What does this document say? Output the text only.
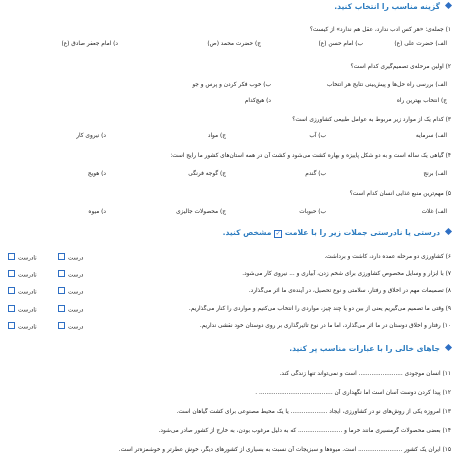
گزینه مناسب را انتخاب کنید.
۱) جمله‌ی: «هر کس ادب ندارد، عقل هم ندارد» از کیست؟
الف) حضرت علی (ع)
ب) امام حسن (ع)
ج) حضرت محمد (ص)
د) امام جعفر صادق (ع)
۲) اولین مرحله‌ی تصمیم‌گیری کدام است؟
الف) بررسی راه حل‌ها و پیش‌بینی نتایج هر انتخاب
ب) خوب فکر کردن و پرس و جو
ج) انتخاب بهترین راه
د) هیچ‌کدام
۳) کدام یک از موارد زیر مربوط به عوامل طبیعی کشاورزی است؟
الف) سرمایه
ب) آب
ج) مواد
د) نیروی کار
۴) گیاهی یک ساله است و به دو شکل پاییزه و بهاره کشت می‌شود و کشت آن در همه استان‌های کشور ما رایج است:
الف) برنج
ب) گندم
ج) گوجه فرنگی
د) هویج
۵) مهم‌ترین منبع غذایی انسان کدام است؟
الف) غلات
ب) حبوبات
ج) محصولات جالیزی
د) میوه
درستی یا نادرستی جملات زیر را با علامت ✓ مشخص کنید.
۶) کشاورزی دو مرحله عمده دارد، کاشت و برداشت.
نادرست	درست
۷) با ابزار و وسایل مخصوص کشاورزی برای شخم زدن، آبیاری و ... نیروی کار می‌شود.
نادرست	درست
۸) تصمیمات مهم در اخلاق و رفتار، سلامتی و نوع تحصیل، در آینده‌ی ما اثر می‌گذارد.
نادرست	درست
۹) وقتی ما تصمیم می‌گیریم یعنی از بین دو یا چند چیز، مواردی را انتخاب می‌کنیم و مواردی را کنار می‌گذاریم.
نادرست	درست
۱۰) رفتار و اخلاق دوستان در ما اثر می‌گذارد، اما ما در نوع تأثیرگذاری بر روی دوستان خود نقشی نداریم.
نادرست	درست
جاهای خالی را با عبارات مناسب پر کنید.
۱۱) انسان موجودی ........................ است و نمی‌تواند تنها زندگی کند.
۱۲) پیدا کردن دوست آسان است اما نگهداری آن ........................................ .
۱۳) امروزه یکی از روش‌های نو در کشاورزی، ایجاد .................... یا یک محیط مصنوعی برای کشت گیاهان است.
۱۴) بعضی محصولات گرمسیری مانند خرما و ........................ که به دلیل مرغوب بودن، به خارج از کشور صادر می‌شود.
۱۵) ایران یک کشور ........................ است. میوه‌ها و سبزیجات آن نسبت به بسیاری از کشورهای دیگر، خوش عطرتر و خوشمزه‌تر است.
